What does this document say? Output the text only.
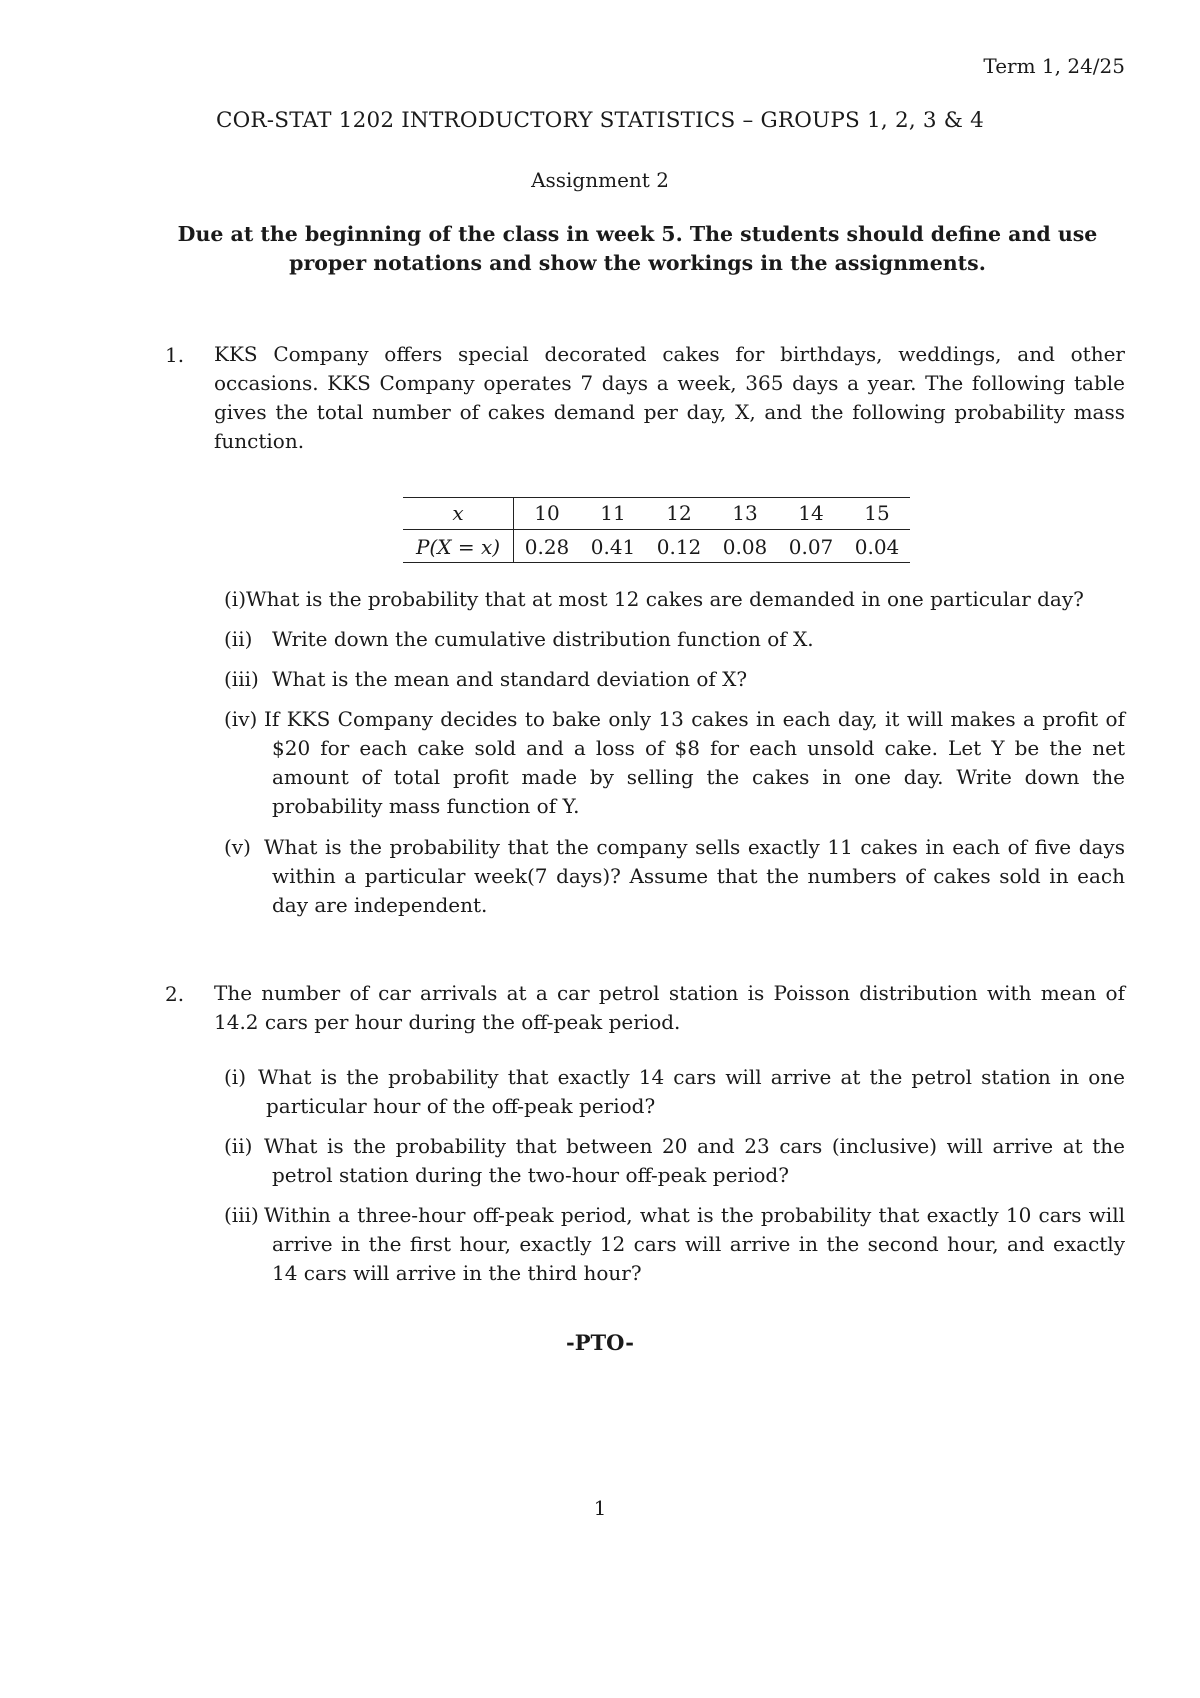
Term 1, 24/25
COR-STAT 1202 INTRODUCTORY STATISTICS – GROUPS 1, 2, 3 & 4
Assignment 2
Due at the beginning of the class in week 5. The students should define and use
proper notations and show the workings in the assignments.
1. KKS Company offers special decorated cakes for birthdays, weddings, and other occasions. KKS Company operates 7 days a week, 365 days a year. The following table gives the total number of cakes demand per day, X, and the following probability mass function.
x	10	11	12	13	14	15
P(X = x)	0.28	0.41	0.12	0.08	0.07	0.04
(i)What is the probability that at most 12 cakes are demanded in one particular day?
(ii) Write down the cumulative distribution function of X.
(iii) What is the mean and standard deviation of X?
(iv) If KKS Company decides to bake only 13 cakes in each day, it will makes a profit of $20 for each cake sold and a loss of $8 for each unsold cake. Let Y be the net amount of total profit made by selling the cakes in one day. Write down the probability mass function of Y.
(v) What is the probability that the company sells exactly 11 cakes in each of five days within a particular week(7 days)? Assume that the numbers of cakes sold in each day are independent.
2. The number of car arrivals at a car petrol station is Poisson distribution with mean of 14.2 cars per hour during the off-peak period.
(i) What is the probability that exactly 14 cars will arrive at the petrol station in one particular hour of the off-peak period?
(ii) What is the probability that between 20 and 23 cars (inclusive) will arrive at the petrol station during the two-hour off-peak period?
(iii) Within a three-hour off-peak period, what is the probability that exactly 10 cars will arrive in the first hour, exactly 12 cars will arrive in the second hour, and exactly 14 cars will arrive in the third hour?
-PTO-
1
